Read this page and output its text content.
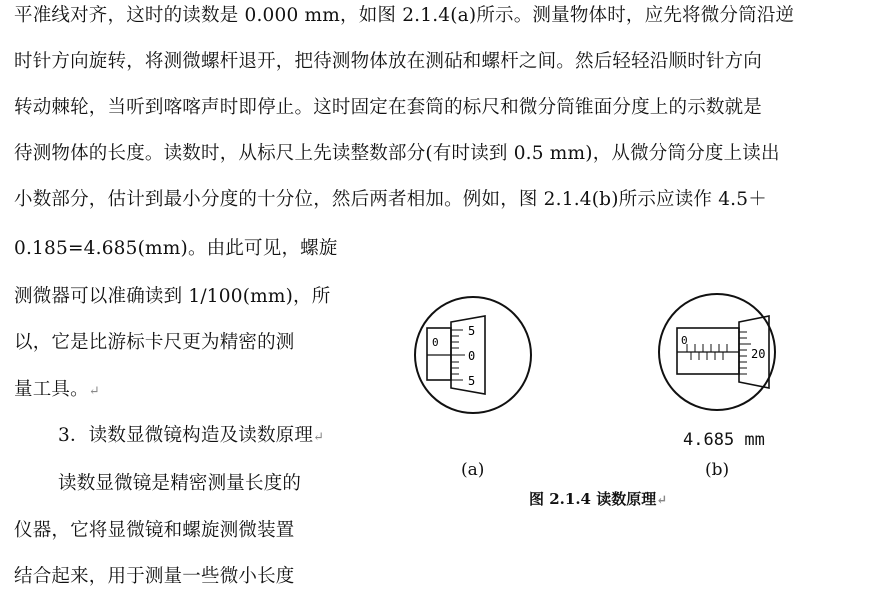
平准线对齐，这时的读数是 0.000 mm，如图 2.1.4(a)所示。测量物体时，应先将微分筒沿逆
时针方向旋转，将测微螺杆退开，把待测物体放在测砧和螺杆之间。然后轻轻沿顺时针方向
转动棘轮，当听到喀喀声时即停止。这时固定在套筒的标尺和微分筒锥面分度上的示数就是
待测物体的长度。读数时，从标尺上先读整数部分(有时读到 0.5 mm)，从微分筒分度上读出
小数部分，估计到最小分度的十分位，然后两者相加。例如，图 2.1.4(b)所示应读作 4.5＋
0.185=4.685(mm)。由此可见，螺旋
测微器可以准确读到 1/100(mm)，所
以，它是比游标卡尺更为精密的测
量工具。↵
3．读数显微镜构造及读数原理↵
读数显微镜是精密测量长度的
仪器，它将显微镜和螺旋测微装置
结合起来，用于测量一些微小长度
0
5
0
5
0
20
4.685 mm
(a)	(b)
图 2.1.4 读数原理↵
